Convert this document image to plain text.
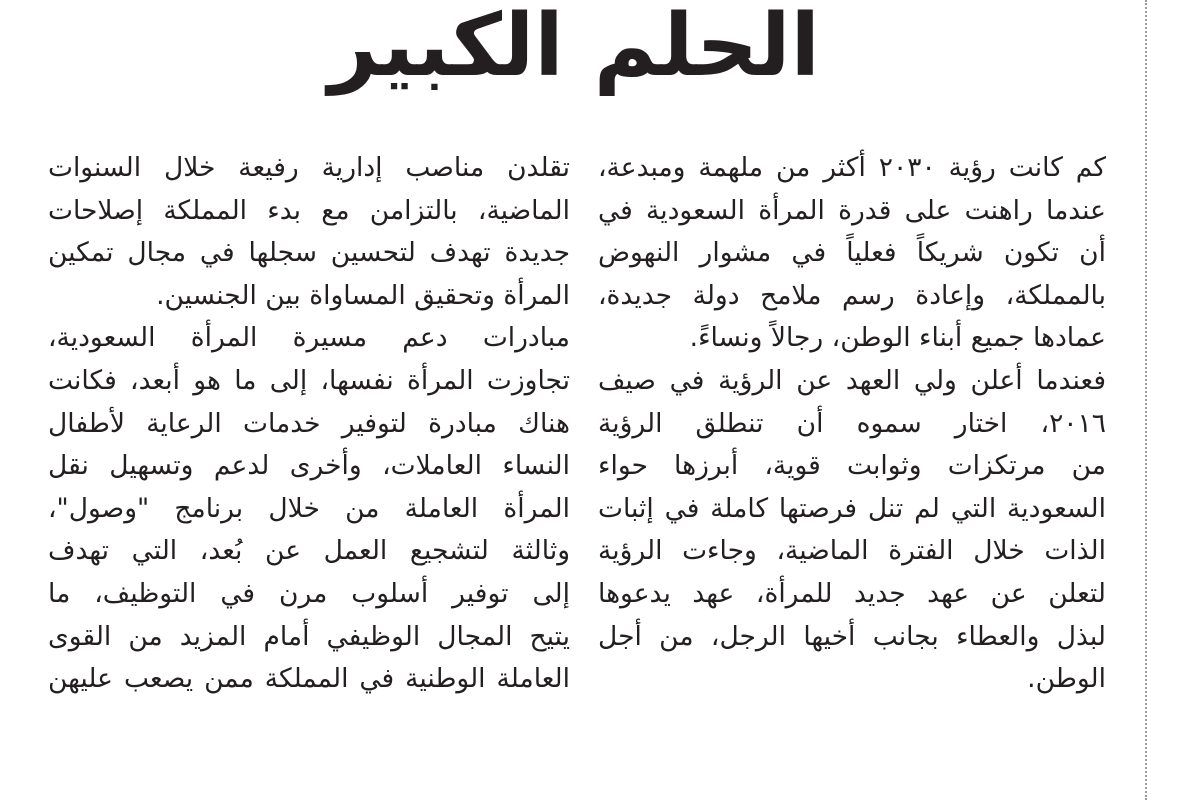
الحلم الكبير
كم كانت رؤية ٢٠٣٠ أكثر من ملهمة ومبدعة،
عندما راهنت على قدرة المرأة السعودية في
أن تكون شريكاً فعلياً في مشوار النهوض
بالمملكة، وإعادة رسم ملامح دولة جديدة،
عمادها جميع أبناء الوطن، رجالاً ونساءً.
فعندما أعلن ولي العهد عن الرؤية في صيف
٢٠١٦، اختار سموه أن تنطلق الرؤية
من مرتكزات وثوابت قوية، أبرزها حواء
السعودية التي لم تنل فرصتها كاملة في إثبات
الذات خلال الفترة الماضية، وجاءت الرؤية
لتعلن عن عهد جديد للمرأة، عهد يدعوها
لبذل والعطاء بجانب أخيها الرجل، من أجل
الوطن.
تقلدن مناصب إدارية رفيعة خلال السنوات
الماضية، بالتزامن مع بدء المملكة إصلاحات
جديدة تهدف لتحسين سجلها في مجال تمكين
المرأة وتحقيق المساواة بين الجنسين.
مبادرات دعم مسيرة المرأة السعودية،
تجاوزت المرأة نفسها، إلى ما هو أبعد، فكانت
هناك مبادرة لتوفير خدمات الرعاية لأطفال
النساء العاملات، وأخرى لدعم وتسهيل نقل
المرأة العاملة من خلال برنامج "وصول"،
وثالثة لتشجيع العمل عن بُعد، التي تهدف
إلى توفير أسلوب مرن في التوظيف، ما
يتيح المجال الوظيفي أمام المزيد من القوى
العاملة الوطنية في المملكة ممن يصعب عليهن
